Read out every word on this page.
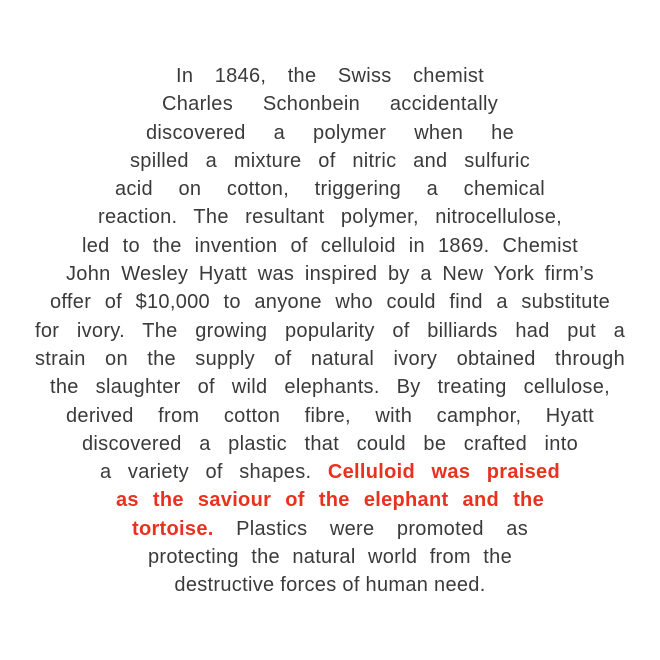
In 1846, the Swiss chemist
Charles Schonbein accidentally
discovered a polymer when he
spilled a mixture of nitric and sulfuric
acid on cotton, triggering a chemical
reaction. The resultant polymer, nitrocellulose,
led to the invention of celluloid in 1869. Chemist
John Wesley Hyatt was inspired by a New York firm’s
offer of $10,000 to anyone who could find a substitute
for ivory. The growing popularity of billiards had put a
strain on the supply of natural ivory obtained through
the slaughter of wild elephants. By treating cellulose,
derived from cotton fibre, with camphor, Hyatt
discovered a plastic that could be crafted into
a variety of shapes. Celluloid was praised
as the saviour of the elephant and the
tortoise. Plastics were promoted as
protecting the natural world from the
destructive forces of human need.
